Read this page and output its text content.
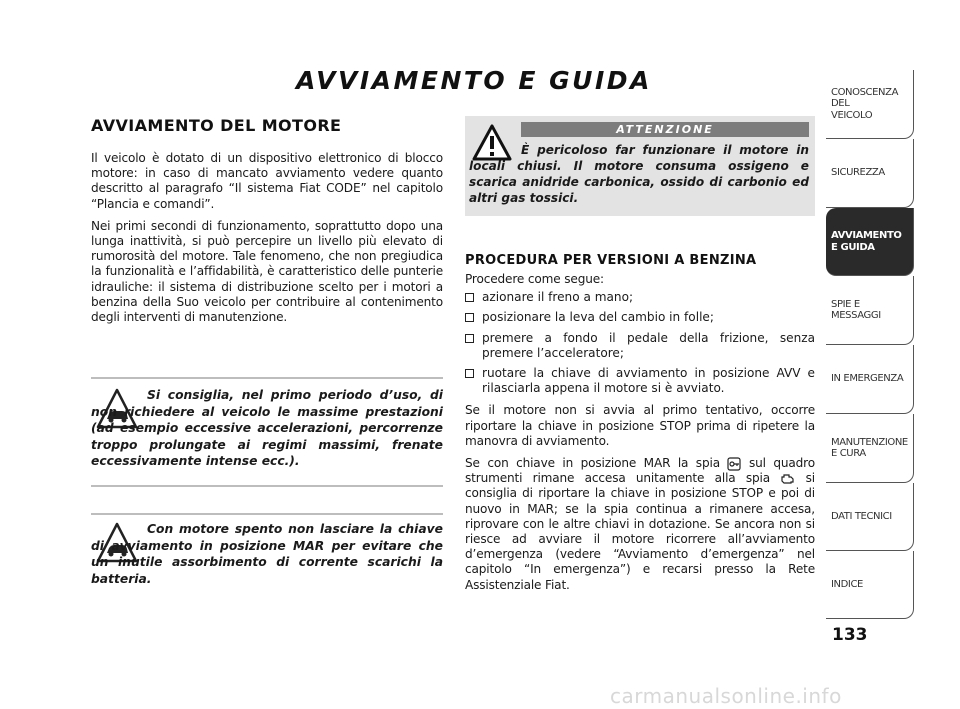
AVVIAMENTO E GUIDA
AVVIAMENTO DEL MOTORE

Il veicolo è dotato di un dispositivo elettronico di blocco motore: in caso di mancato avviamento vedere quanto descritto al paragrafo “Il sistema Fiat CODE” nel capitolo “Plancia e comandi”.

Nei primi secondi di funzionamento, soprattutto dopo una lunga inattività, si può percepire un livello più elevato di rumorosità del motore. Tale fenomeno, che non pregiudica la funzionalità e l’affidabilità, è caratteristico delle punterie idrauliche: il sistema di distribuzione scelto per i motori a benzina della Suo veicolo per contribuire al contenimento degli interventi di manutenzione.

Si consiglia, nel primo periodo d’uso, di non richiedere al veicolo le massime prestazioni (ad esempio eccessive accelerazioni, percorrenze troppo prolungate ai regimi massimi, frenate eccessivamente intense ecc.).
Con motore spento non lasciare la chiave di avviamento in posizione MAR per evitare che un inutile assorbimento di corrente scarichi la batteria.
ATTENZIONE
È pericoloso far funzionare il motore in locali chiusi. Il motore consuma ossigeno e scarica anidride carbonica, ossido di carbonio ed altri gas tossici.
PROCEDURA PER VERSIONI A BENZINA

Procedere come segue:

azionare il freno a mano;
posizionare la leva del cambio in folle;
premere a fondo il pedale della frizione, senza premere l’acceleratore;
ruotare la chiave di avviamento in posizione AVV e rilasciarla appena il motore si è avviato.

Se il motore non si avvia al primo tentativo, occorre riportare la chiave in posizione STOP prima di ripetere la manovra di avviamento.

Se con chiave in posizione MAR la spia sul quadro strumenti rimane accesa unitamente alla spia	si consiglia di riportare la chiave in posizione STOP e poi di nuovo in MAR; se la spia continua a rimanere accesa, riprovare con le altre chiavi in dotazione. Se ancora non si riesce ad avviare il motore ricorrere all’avviamento d’emergenza (vedere “Avviamento d’emergenza” nel capitolo “In emergenza”) e recarsi presso la Rete Assistenziale Fiat.

CONOSCENZA DEL VEICOLO
SICUREZZA
AVVIAMENTO E GUIDA
SPIE E MESSAGGI
IN EMERGENZA
MANUTENZIONE E CURA
DATI TECNICI
INDICE
133
carmanualsonline.info
